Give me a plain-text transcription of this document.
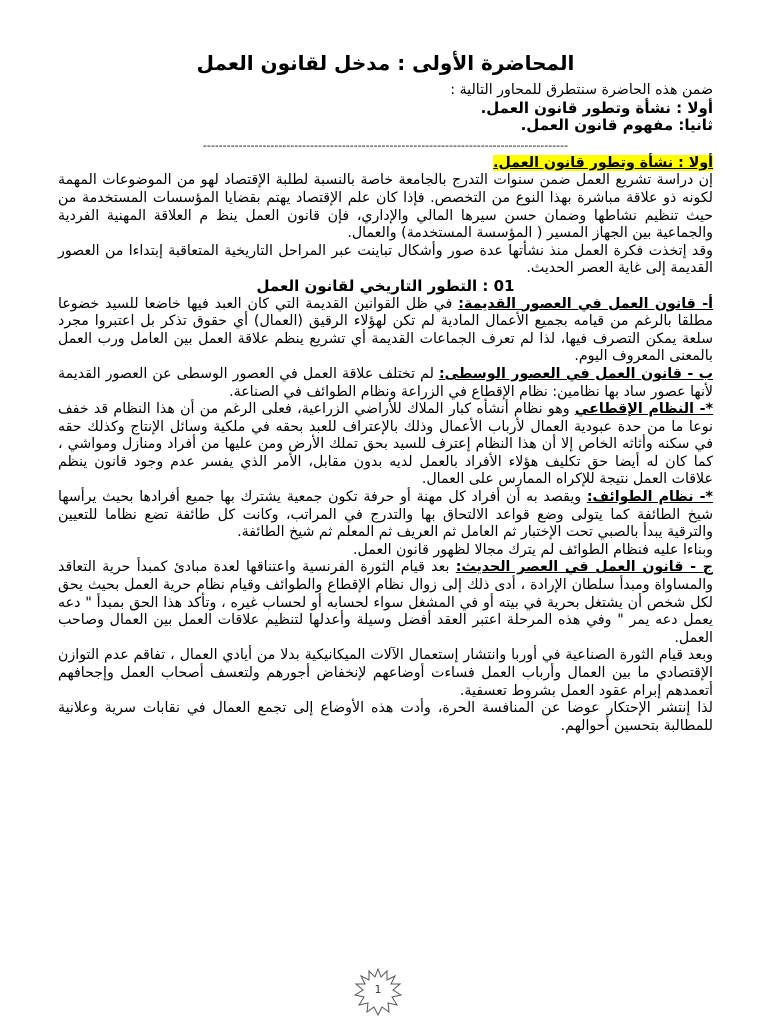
المحاضرة الأولى : مدخل لقانون العمل

ضمن هذه الحاضرة سنتطرق للمحاور التالية :

أولا : نشأة وتطور قانون العمل.

ثانيا: مفهوم قانون العمل.

--------------------------------------------------------------------------------------------

أولا : نشأة وتطور قانون العمل.

إن دراسة تشريع العمل ضمن سنوات التدرج بالجامعة خاصة بالنسبة لطلبة الإقتصاد لهو من الموضوعات المهمة لكونه ذو علاقة مباشرة بهذا النوع من التخصص. فإذا كان علم الإقتصاد يهتم بقضايا المؤسسات المستخدمة من حيث تنظيم نشاطها وضمان حسن سيرها المالي والإداري، فإن قانون العمل ينظ م العلاقة المهنية الفردية والجماعية بين الجهاز المسير ( المؤسسة المستخدمة) والعمال.

وقد إتخذت فكرة العمل منذ نشأتها عدة صور وأشكال تباينت عبر المراحل التاريخية المتعاقبة إبتداءا من العصور القديمة إلى غاية العصر الحديث.

01 : التطور التاريخي لقانون العمل

أ- قانون العمل في العصور القديمة: في ظل القوانين القديمة التي كان العبد فيها خاضعا للسيد خضوعا مطلقا بالرغم من قيامه بجميع الأعمال المادية لم تكن لهؤلاء الرقيق (العمال) أي حقوق تذكر بل اعتبروا مجرد سلعة يمكن التصرف فيها، لذا لم تعرف الجماعات القديمة أي تشريع ينظم علاقة العمل بين العامل ورب العمل بالمعنى المعروف اليوم.

ب - قانون العمل في العصور الوسطى: لم تختلف علاقة العمل في العصور الوسطى عن العصور القديمة لأنها عصور ساد بها نظامين: نظام الإقطاع في الزراعة ونظام الطوائف في الصناعة.

*- النظام الإقطاعي وهو نظام أنشأه كبار الملاك للأراضي الزراعية، فعلى الرغم من أن هذا النظام قد خفف نوعا ما من حدة عبودية العمال لأرباب الأعمال وذلك بالإعتراف للعبد بحقه في ملكية وسائل الإنتاج وكذلك حقه في سكنه وأثاثه الخاص إلا أن هذا النظام إعترف للسيد بحق تملك الأرض ومن عليها من أفراد ومنازل ومواشي ، كما كان له أيضا حق تكليف هؤلاء الأفراد بالعمل لديه بدون مقابل، الأمر الذي يفسر عدم وجود قانون ينظم علاقات العمل نتيجة للإكراه الممارس على العمال.

*- نظام الطوائف: ويقصد به أن أفراد كل مهنة أو حرفة تكون جمعية يشترك بها جميع أفرادها بحيث يرأسها شيخ الطائفة كما يتولى وضع قواعد الالتحاق بها والتدرج في المراتب، وكانت كل طائفة تضع نظاما للتعيين والترقية يبدأ بالصبي تحت الإختبار ثم العامل ثم العريف ثم المعلم ثم شيخ الطائفة.

وبناءا عليه فنظام الطوائف لم يترك مجالا لظهور قانون العمل.

ج - قانون العمل في العصر الحديث: بعد قيام الثورة الفرنسية واعتناقها لعدة مبادئ كمبدأ حرية التعاقد والمساواة ومبدأ سلطان الإرادة ، أدى ذلك إلى زوال نظام الإقطاع والطوائف وقيام نظام حرية العمل بحيث يحق لكل شخص أن يشتغل بحرية في بيته أو في المشغل سواء لحسابه أو لحساب غيره ، وتأكد هذا الحق بمبدأ " دعه يعمل دعه يمر " وفي هذه المرحلة اعتبر العقد أفضل وسيلة وأعدلها لتنظيم علاقات العمل بين العمال وصاحب العمل.

وبعد قيام الثورة الصناعية في أوربا وانتشار إستعمال الآلات الميكانيكية بدلا من أيادي العمال ، تفاقم عدم التوازن الإقتصادي ما بين العمال وأرباب العمل فساءت أوضاعهم لإنخفاض أجورهم ولتعسف أصحاب العمل وإجحافهم أتعمدهم إبرام عقود العمل بشروط تعسفية.

لذا إنتشر الإحتكار عوضا عن المنافسة الحرة، وأدت هذه الأوضاع إلى تجمع العمال في نقابات سرية وعلانية للمطالبة بتحسين أحوالهم.

1
